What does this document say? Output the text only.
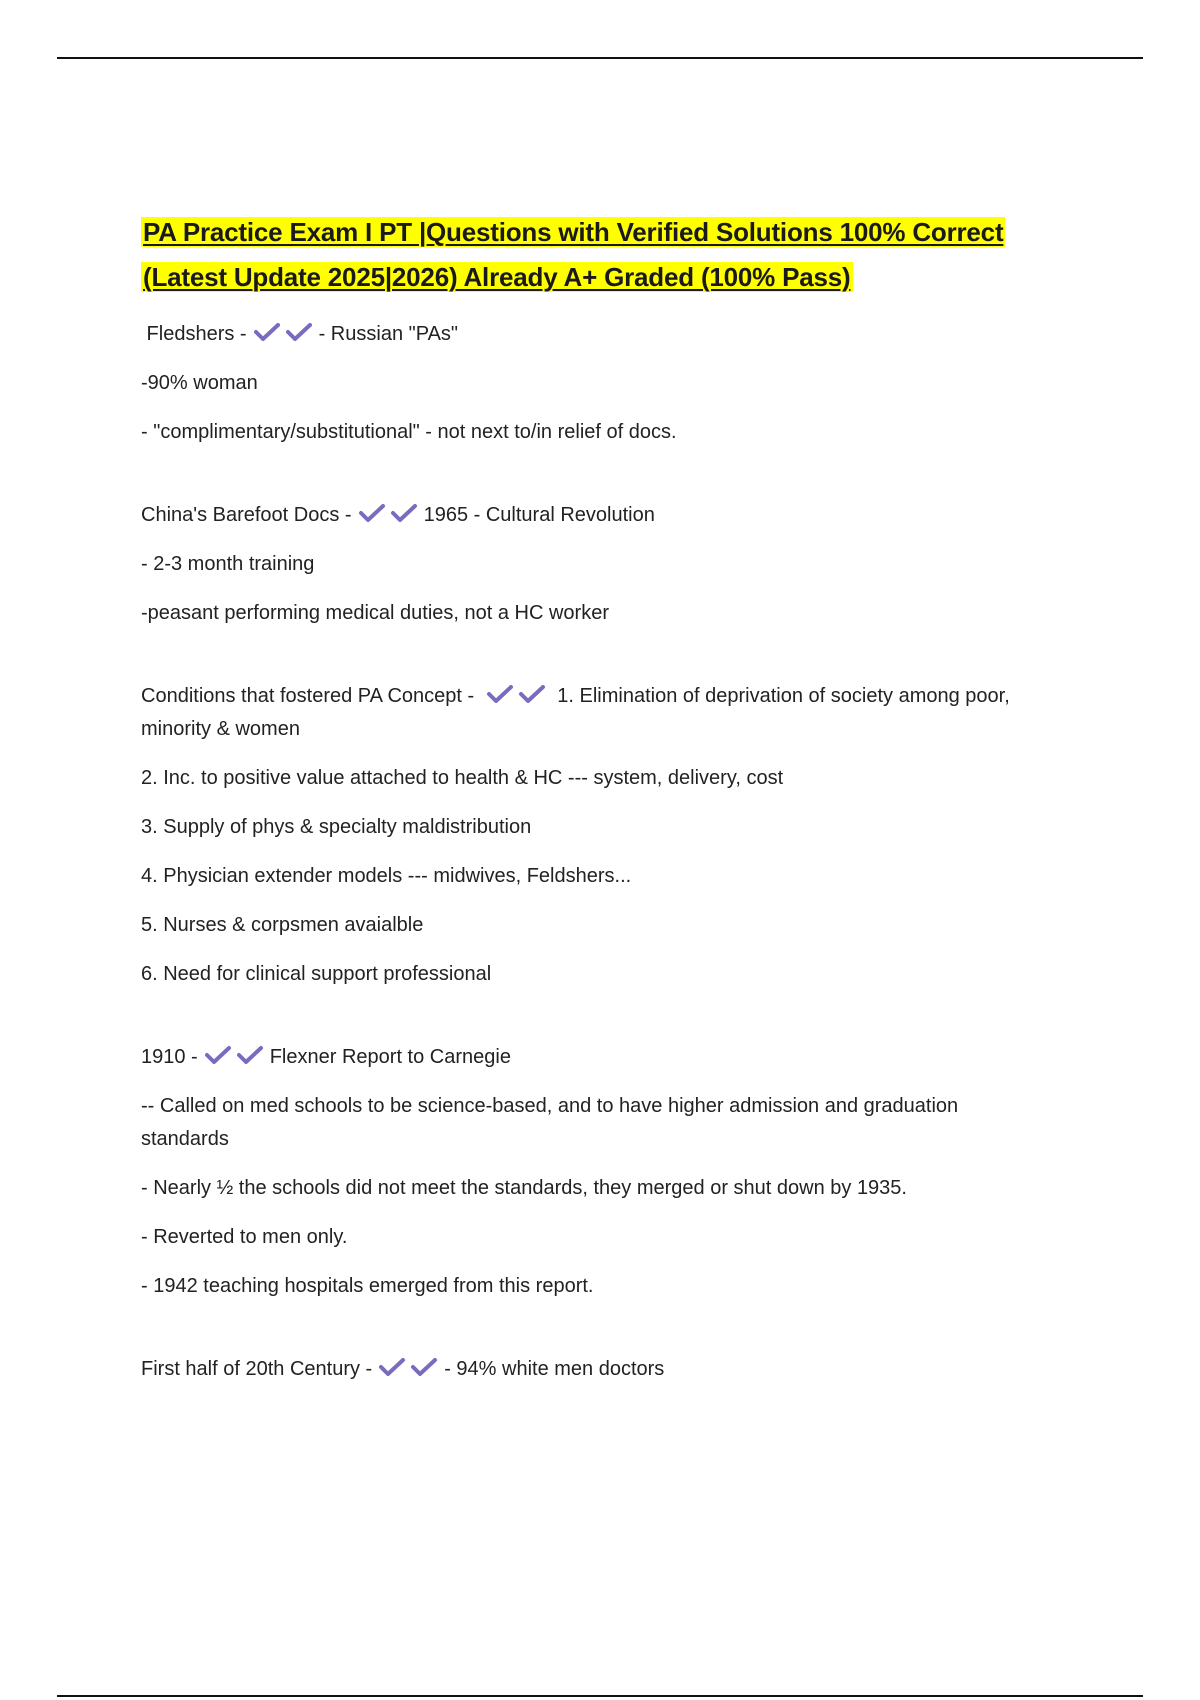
PA Practice Exam I PT |Questions with Verified Solutions 100% Correct
(Latest Update 2025|2026) Already A+ Graded (100% Pass)
Fledshers -	- Russian "PAs"
-90% woman
- "complimentary/substitutional" - not next to/in relief of docs.
China's Barefoot Docs -	1965 - Cultural Revolution
- 2-3 month training
-peasant performing medical duties, not a HC worker
Conditions that fostered PA Concept -	1. Elimination of deprivation of society among poor, minority & women
2. Inc. to positive value attached to health & HC --- system, delivery, cost
3. Supply of phys & specialty maldistribution
4. Physician extender models --- midwives, Feldshers...
5. Nurses & corpsmen avaialble
6. Need for clinical support professional
1910 -	Flexner Report to Carnegie
-- Called on med schools to be science-based, and to have higher admission and graduation standards
- Nearly ½ the schools did not meet the standards, they merged or shut down by 1935.
- Reverted to men only.
- 1942 teaching hospitals emerged from this report.
First half of 20th Century -	- 94% white men doctors
